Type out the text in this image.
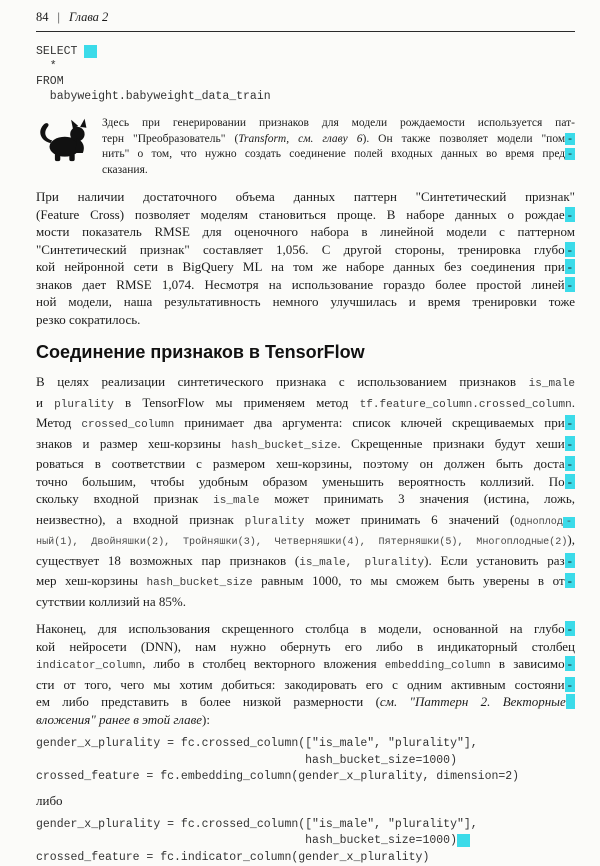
84 | Глава 2
SELECT
*
FROM
babyweight.babyweight_data_train
Здесь при генерировании признаков для модели рождаемости используется пат-
терн "Преобразователь" (Transform, см. главу 6). Он также позволяет модели "пом -
нить" о том, что нужно создать соединение полей входных данных во время пред -
сказания.
При наличии достаточного объема данных паттерн "Синтетический признак"
(Feature Cross) позволяет моделям становиться проще. В наборе данных о рождае -
мости показатель RMSE для оценочного набора в линейной модели с паттерном
"Синтетический признак" составляет 1,056. С другой стороны, тренировка глубо -
кой нейронной сети в BigQuery ML на том же наборе данных без соединения при -
знаков дает RMSE 1,074. Несмотря на использование гораздо более простой линей -
ной модели, наша результативность немного улучшилась и время тренировки тоже
резко сократилось.
Соединение признаков в TensorFlow
В целях реализации синтетического признака с использованием признаков is_male
и plurality в TensorFlow мы применяем метод tf.feature_column.crossed_column.
Метод crossed_column принимает два аргумента: список ключей скрещиваемых при -
знаков и размер хеш-корзины hash_bucket_size. Скрещенные признаки будут хеши -
роваться в соответствии с размером хеш-корзины, поэтому он должен быть доста -
точно большим, чтобы удобным образом уменьшить вероятность коллизий. По -
скольку входной признак is_male может принимать 3 значения (истина, ложь,
неизвестно), а входной признак plurality может принимать 6 значений (Одноплод -
ный(1), Двойняшки(2), Тройняшки(3), Четверняшки(4), Пятерняшки(5), Многоплодные(2)),
существует 18 возможных пар признаков (is_male, plurality). Если установить раз -
мер хеш-корзины hash_bucket_size равным 1000, то мы сможем быть уверены в от -
сутствии коллизий на 85%.
Наконец, для использования скрещенного столбца в модели, основанной на глубо -
кой нейросети (DNN), нам нужно обернуть его либо в индикаторный столбец
indicator_column, либо в столбец векторного вложения embedding_column в зависимо -
сти от того, чего мы хотим добиться: закодировать его с одним активным состояни -
ем либо представить в более низкой размерности (см. "Паттерн 2. Векторные
вложения" ранее в этой главе):
gender_x_plurality = fc.crossed_column(["is_male", "plurality"],
hash_bucket_size=1000)
crossed_feature = fc.embedding_column(gender_x_plurality, dimension=2)
либо
gender_x_plurality = fc.crossed_column(["is_male", "plurality"],
hash_bucket_size=1000)
crossed_feature = fc.indicator_column(gender_x_plurality)
